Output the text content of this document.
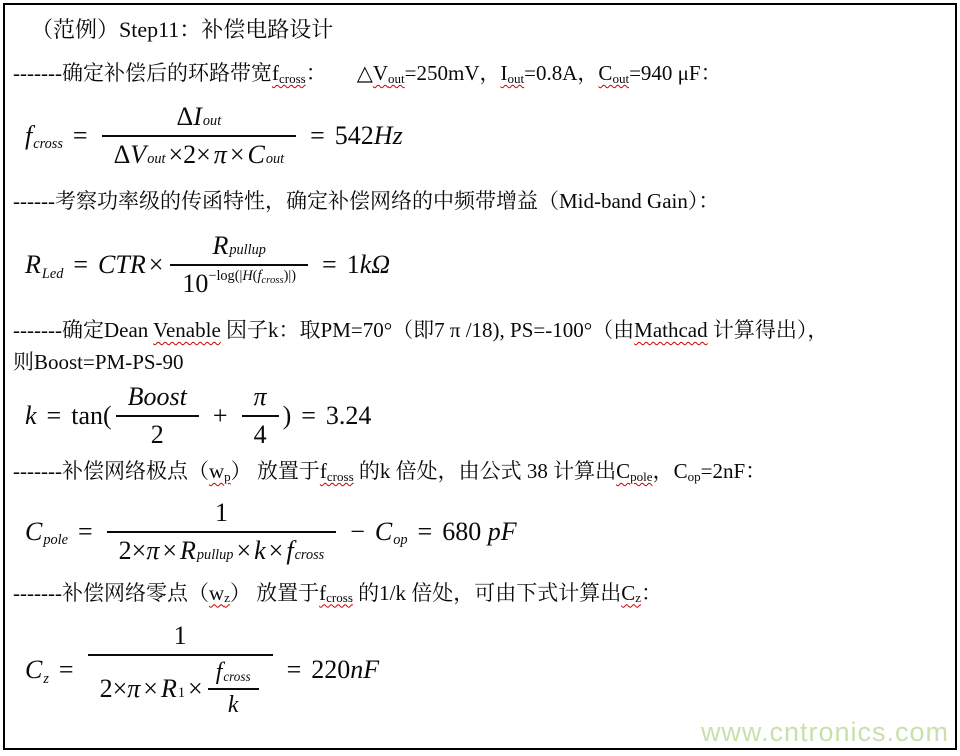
（范例）Step11：补偿电路设计

-------确定补偿后的环路带宽fcross： △Vout=250mV，Iout=0.8A，Cout=940 μF：

fcross = $\frac{\text{Δ I out}}{\text{Δ V out ×2× π × C out}} = 542Hz$

------考察功率级的传函特性，确定补偿网络的中频带增益（Mid-band Gain）：

RLed = CTR × $\frac{\text{R pullup}}{10 -\log(|H(f_{cross})|)} = 1k\Omega$

-------确定Dean Venable 因子k：取PM=70°（即7 π /18), PS=-100°（由Mathcad 计算得出），
则Boost=PM-PS-90

$k = \tan( \frac{\text{Boost}}{2} + \frac{\pi}{4}$ ) = 3.24

-------补偿网络极点（wp） 放置于fcross 的k 倍处，由公式 38 计算出Cpole，Cop=2nF：

Cpole = $\frac{1}{\text{2× π × R pullup × k × f cross}}$ − Cop = 680 pF

-------补偿网络零点（wz） 放置于fcross 的1/k 倍处，可由下式计算出Cz：

$Cz = \frac{1}{2\times \pi \times R 1 \times \frac{\text{f cross}}{k}} = 220nF$
www.cntronics.com
